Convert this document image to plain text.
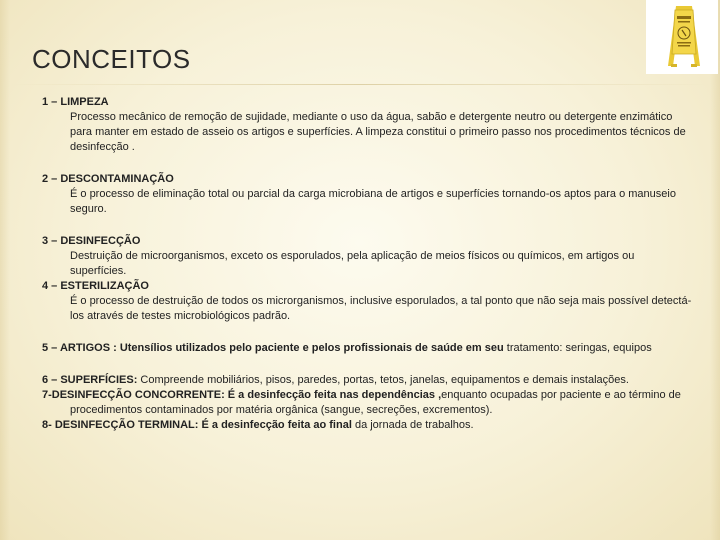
CONCEITOS
1 – LIMPEZA
Processo mecânico de remoção de sujidade, mediante o uso da água, sabão e detergente neutro ou detergente enzimático para manter em estado de asseio os artigos e superfícies. A limpeza constitui o primeiro passo nos procedimentos técnicos de desinfecção .
2 – DESCONTAMINAÇÃO
É o processo de eliminação total ou parcial da carga microbiana de artigos e superfícies tornando-os aptos para o manuseio seguro.
3 – DESINFECÇÃO
Destruição de microorganismos, exceto os esporulados, pela aplicação de meios físicos ou químicos, em artigos ou superfícies.
4 – ESTERILIZAÇÃO
É o processo de destruição de todos os microrganismos, inclusive esporulados, a tal ponto que não seja mais possível detectá-los através de testes microbiológicos padrão.
5 – ARTIGOS : Utensílios utilizados pelo paciente e pelos profissionais de saúde em seu tratamento: seringas, equipos
6 – SUPERFÍCIES: Compreende mobiliários, pisos, paredes, portas, tetos, janelas, equipamentos e demais instalações.
7-DESINFECÇÃO CONCORRENTE: É a desinfecção feita nas dependências ,enquanto ocupadas por paciente e ao término de procedimentos contaminados por matéria orgânica (sangue, secreções, excrementos).
8- DESINFECÇÃO TERMINAL: É a desinfecção feita ao final da jornada de trabalhos.
